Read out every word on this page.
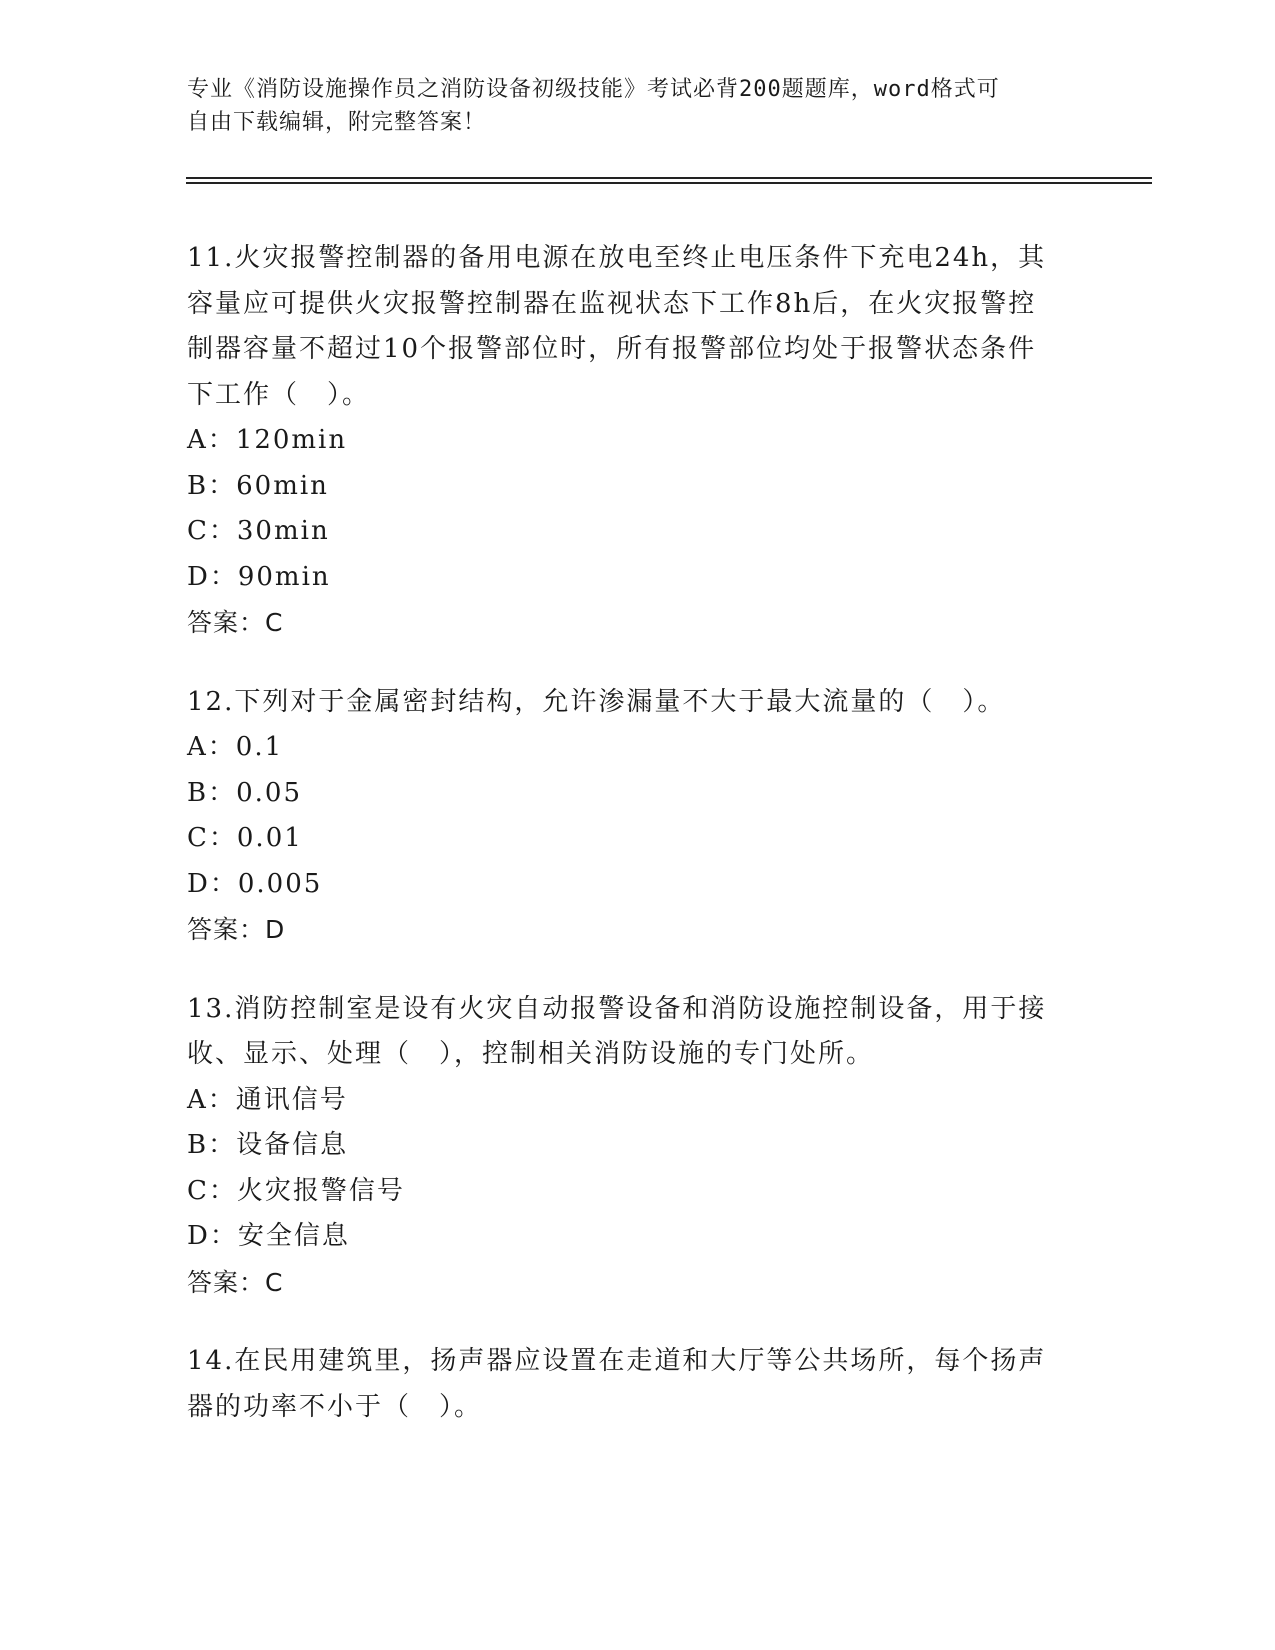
专业《消防设施操作员之消防设备初级技能》考试必背200题题库，word格式可
自由下载编辑，附完整答案！
11.火灾报警控制器的备用电源在放电至终止电压条件下充电24h，其
容量应可提供火灾报警控制器在监视状态下工作8h后，在火灾报警控
制器容量不超过10个报警部位时，所有报警部位均处于报警状态条件
下工作（　）。
A：120min
B：60min
C：30min
D：90min
答案：C
12.下列对于金属密封结构，允许渗漏量不大于最大流量的（　）。
A：0.1
B：0.05
C：0.01
D：0.005
答案：D
13.消防控制室是设有火灾自动报警设备和消防设施控制设备，用于接
收、显示、处理（　），控制相关消防设施的专门处所。
A：通讯信号
B：设备信息
C：火灾报警信号
D：安全信息
答案：C
14.在民用建筑里，扬声器应设置在走道和大厅等公共场所，每个扬声
器的功率不小于（　）。
